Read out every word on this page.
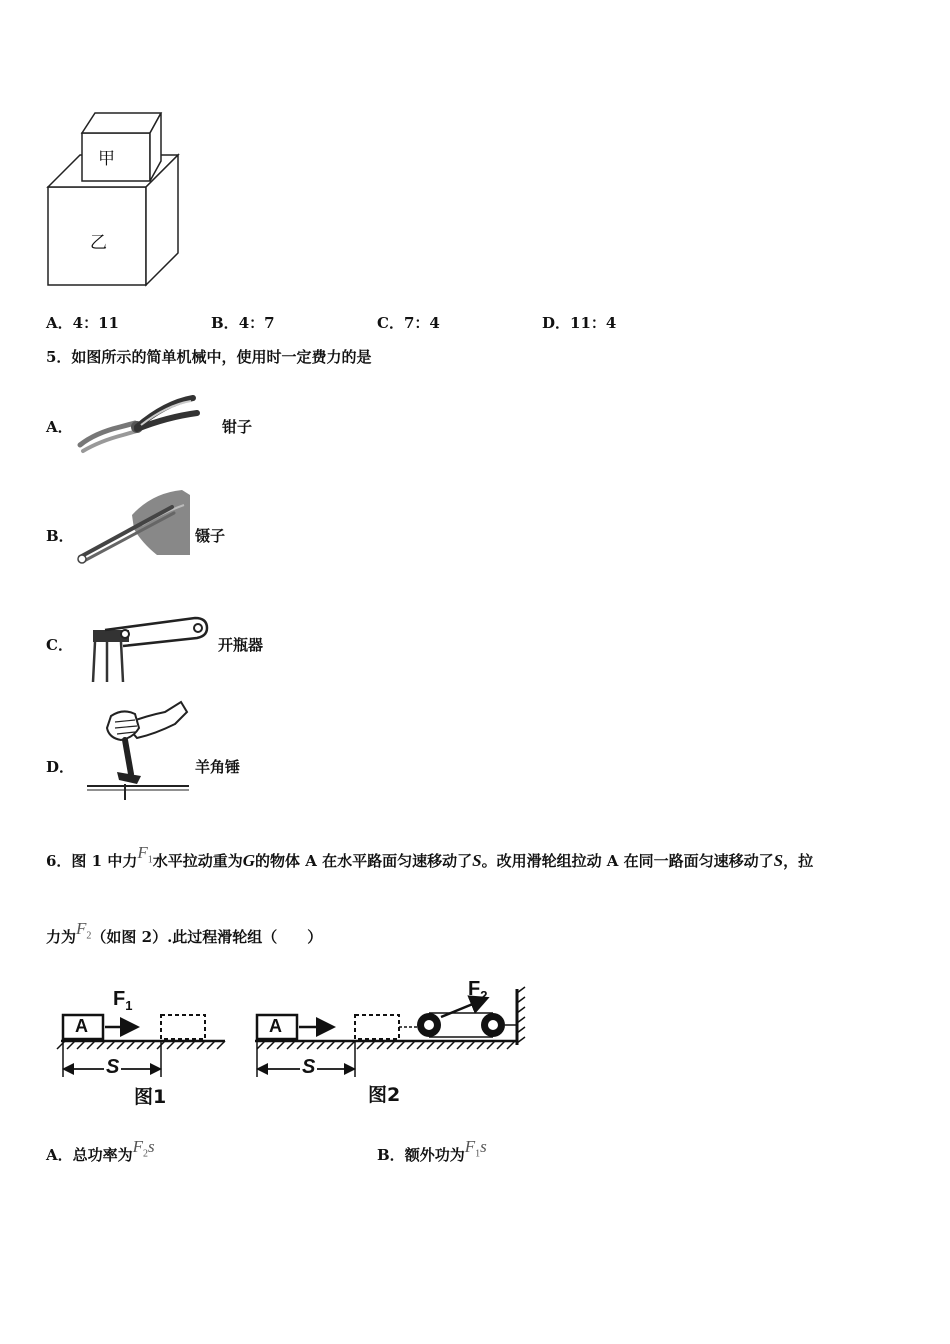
甲
乙
A．4：11	B．4：7	C．7：4	D．11：4
5．如图所示的简单机械中，使用时一定费力的是
A．	钳子
B．	镊子
C．	开瓶器
D．	羊角锤
6．图 1 中力$F_1$水平拉动重为G的物体 A 在水平路面匀速移动了S。改用滑轮组拉动 A 在同一路面匀速移动了S，拉
力为$F_2$（如图 2）.此过程滑轮组（　　）
A
$F_1$
S
图1
A
$F_2$
S
图2
A．总功率为$F_2s$	B．额外功为$F_1s$
